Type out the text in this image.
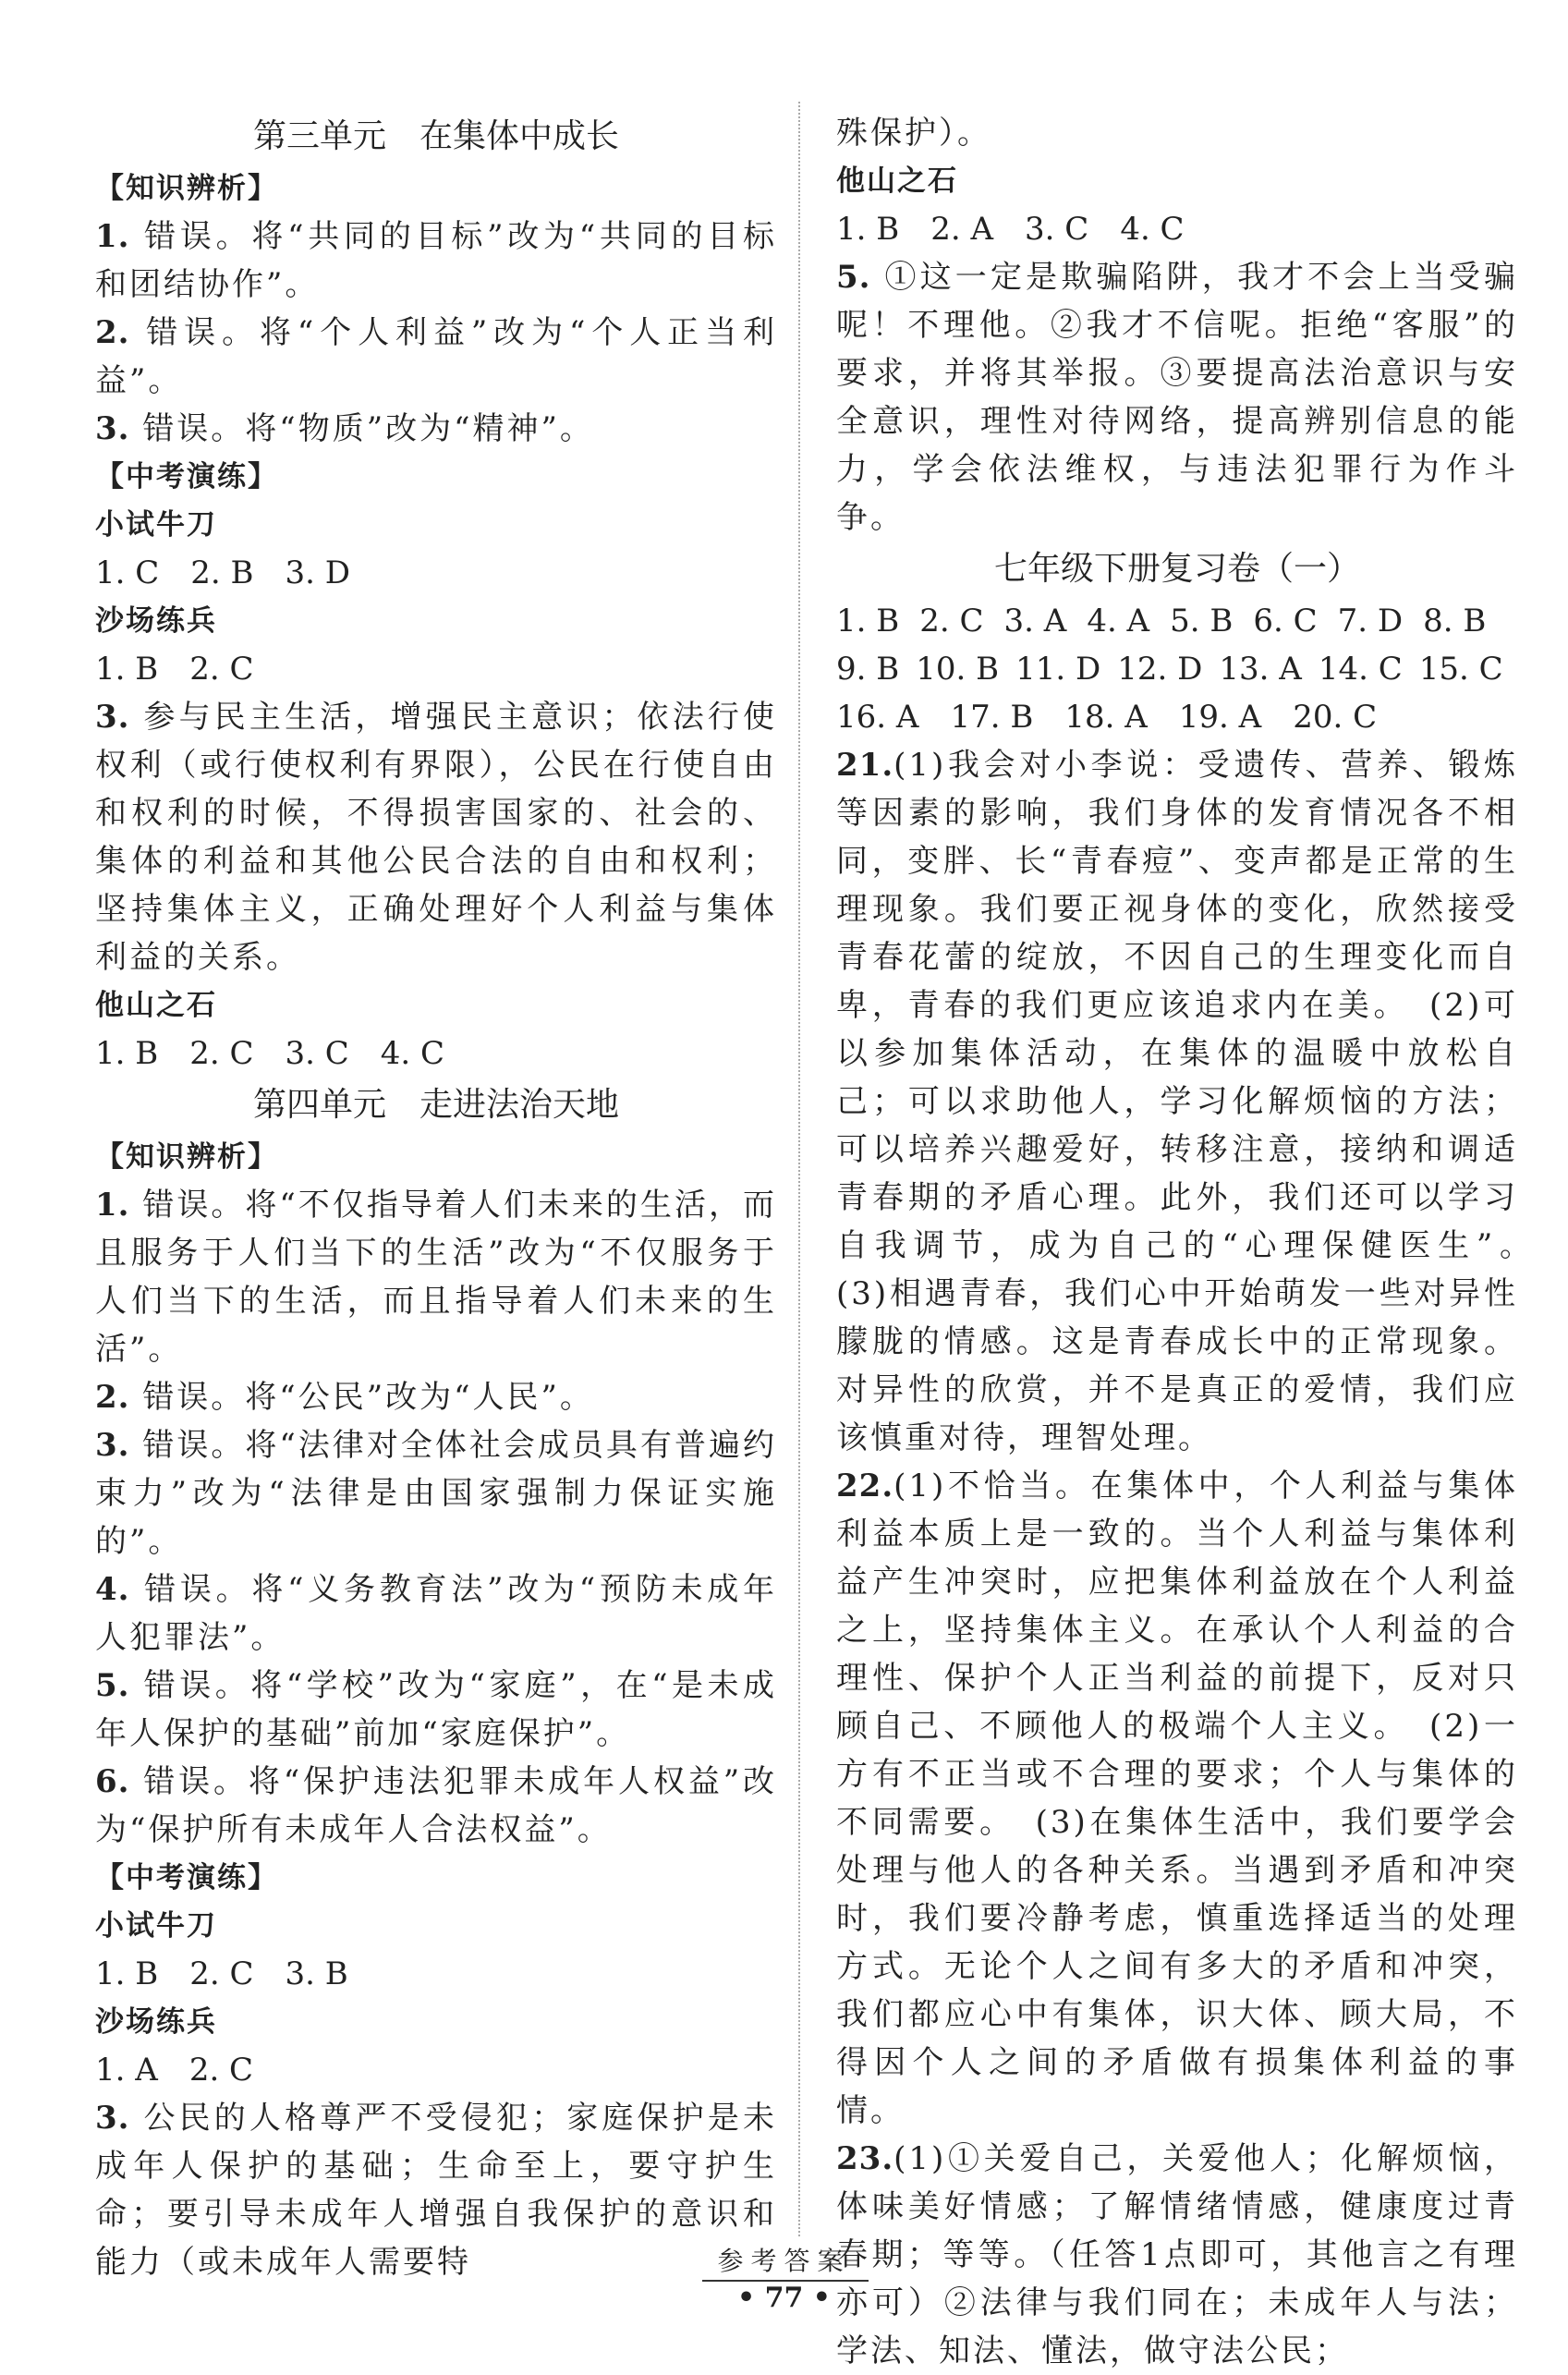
第三单元　在集体中成长
【知识辨析】
1. 错误。将“共同的目标”改为“共同的目标和团结协作”。
2. 错误。将“个人利益”改为“个人正当利益”。
3. 错误。将“物质”改为“精神”。
【中考演练】
小试牛刀
1. C 2. B 3. D
沙场练兵
1. B 2. C
3. 参与民主生活，增强民主意识；依法行使权利（或行使权利有界限），公民在行使自由和权利的时候，不得损害国家的、社会的、集体的利益和其他公民合法的自由和权利；坚持集体主义，正确处理好个人利益与集体利益的关系。
他山之石
1. B 2. C 3. C 4. C
第四单元　走进法治天地
【知识辨析】
1. 错误。将“不仅指导着人们未来的生活，而且服务于人们当下的生活”改为“不仅服务于人们当下的生活，而且指导着人们未来的生活”。
2. 错误。将“公民”改为“人民”。
3. 错误。将“法律对全体社会成员具有普遍约束力”改为“法律是由国家强制力保证实施的”。
4. 错误。将“义务教育法”改为“预防未成年人犯罪法”。
5. 错误。将“学校”改为“家庭”，在“是未成年人保护的基础”前加“家庭保护”。
6. 错误。将“保护违法犯罪未成年人权益”改为“保护所有未成年人合法权益”。
【中考演练】
小试牛刀
1. B 2. C 3. B
沙场练兵
1. A 2. C
3. 公民的人格尊严不受侵犯；家庭保护是未成年人保护的基础；生命至上，要守护生命；要引导未成年人增强自我保护的意识和能力（或未成年人需要特
殊保护）。
他山之石
1. B 2. A 3. C 4. C
5. ①这一定是欺骗陷阱，我才不会上当受骗呢！不理他。②我才不信呢。拒绝“客服”的要求，并将其举报。③要提高法治意识与安全意识，理性对待网络，提高辨别信息的能力，学会依法维权，与违法犯罪行为作斗争。
七年级下册复习卷（一）
1. B 2. C 3. A 4. A 5. B 6. C 7. D 8. B
9. B 10. B 11. D 12. D 13. A 14. C 15. C
16. A 17. B 18. A 19. A 20. C
21.(1)我会对小李说：受遗传、营养、锻炼等因素的影响，我们身体的发育情况各不相同，变胖、长“青春痘”、变声都是正常的生理现象。我们要正视身体的变化，欣然接受青春花蕾的绽放，不因自己的生理变化而自卑，青春的我们更应该追求内在美。　(2)可以参加集体活动，在集体的温暖中放松自己；可以求助他人，学习化解烦恼的方法；可以培养兴趣爱好，转移注意，接纳和调适青春期的矛盾心理。此外，我们还可以学习自我调节，成为自己的“心理保健医生”。　(3)相遇青春，我们心中开始萌发一些对异性朦胧的情感。这是青春成长中的正常现象。对异性的欣赏，并不是真正的爱情，我们应该慎重对待，理智处理。
22.(1)不恰当。在集体中，个人利益与集体利益本质上是一致的。当个人利益与集体利益产生冲突时，应把集体利益放在个人利益之上，坚持集体主义。在承认个人利益的合理性、保护个人正当利益的前提下，反对只顾自己、不顾他人的极端个人主义。　(2)一方有不正当或不合理的要求；个人与集体的不同需要。　(3)在集体生活中，我们要学会处理与他人的各种关系。当遇到矛盾和冲突时，我们要冷静考虑，慎重选择适当的处理方式。无论个人之间有多大的矛盾和冲突，我们都应心中有集体，识大体、顾大局，不得因个人之间的矛盾做有损集体利益的事情。
23.(1)①关爱自己，关爱他人；化解烦恼，体味美好情感；了解情绪情感，健康度过青春期；等等。（任答1点即可，其他言之有理亦可）②法律与我们同在；未成年人与法；学法、知法、懂法，做守法公民；
参考答案
• 77 •
